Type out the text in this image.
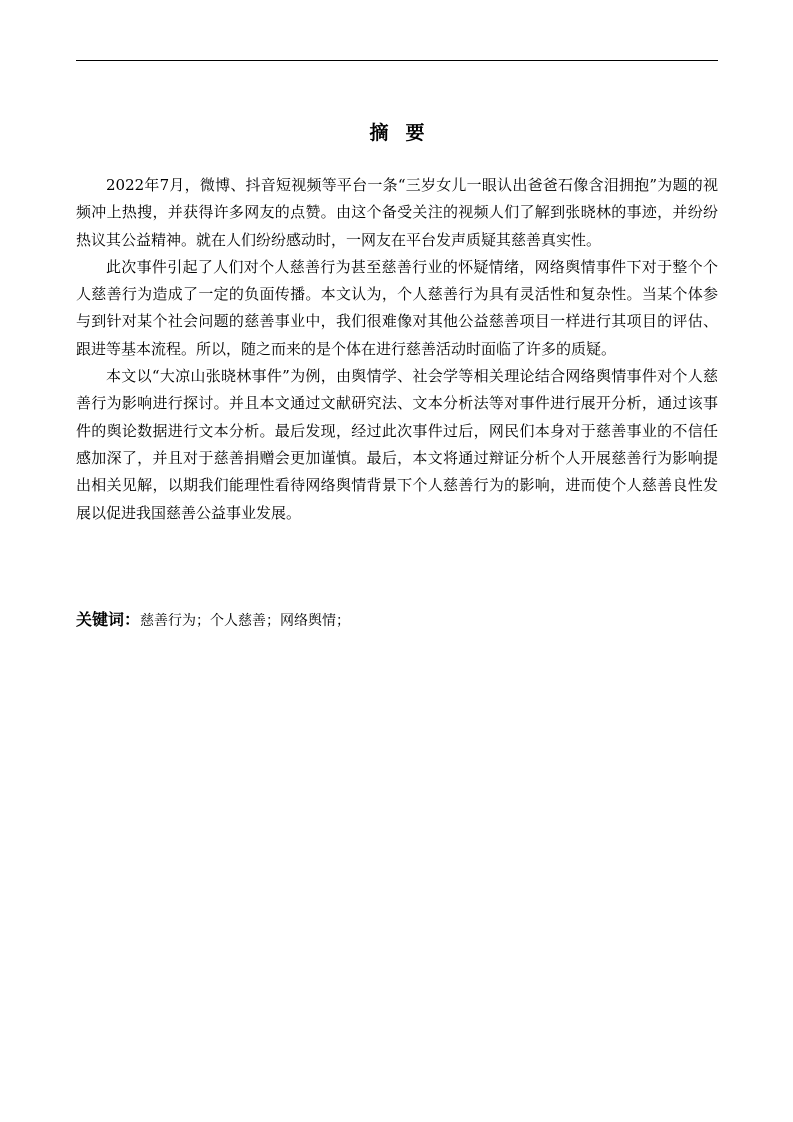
摘要

2022年7月，微博、抖音短视频等平台一条“三岁女儿一眼认出爸爸石像含泪拥抱”为题的视频冲上热搜，并获得许多网友的点赞。由这个备受关注的视频人们了解到张晓林的事迹，并纷纷热议其公益精神。就在人们纷纷感动时，一网友在平台发声质疑其慈善真实性。

此次事件引起了人们对个人慈善行为甚至慈善行业的怀疑情绪，网络舆情事件下对于整个个人慈善行为造成了一定的负面传播。本文认为，个人慈善行为具有灵活性和复杂性。当某个体参与到针对某个社会问题的慈善事业中，我们很难像对其他公益慈善项目一样进行其项目的评估、跟进等基本流程。所以，随之而来的是个体在进行慈善活动时面临了许多的质疑。

本文以“大凉山张晓林事件”为例，由舆情学、社会学等相关理论结合网络舆情事件对个人慈善行为影响进行探讨。并且本文通过文献研究法、文本分析法等对事件进行展开分析，通过该事件的舆论数据进行文本分析。最后发现，经过此次事件过后，网民们本身对于慈善事业的不信任感加深了，并且对于慈善捐赠会更加谨慎。最后，本文将通过辩证分析个人开展慈善行为影响提出相关见解，以期我们能理性看待网络舆情背景下个人慈善行为的影响，进而使个人慈善良性发展以促进我国慈善公益事业发展。

关键词：慈善行为；个人慈善；网络舆情；
